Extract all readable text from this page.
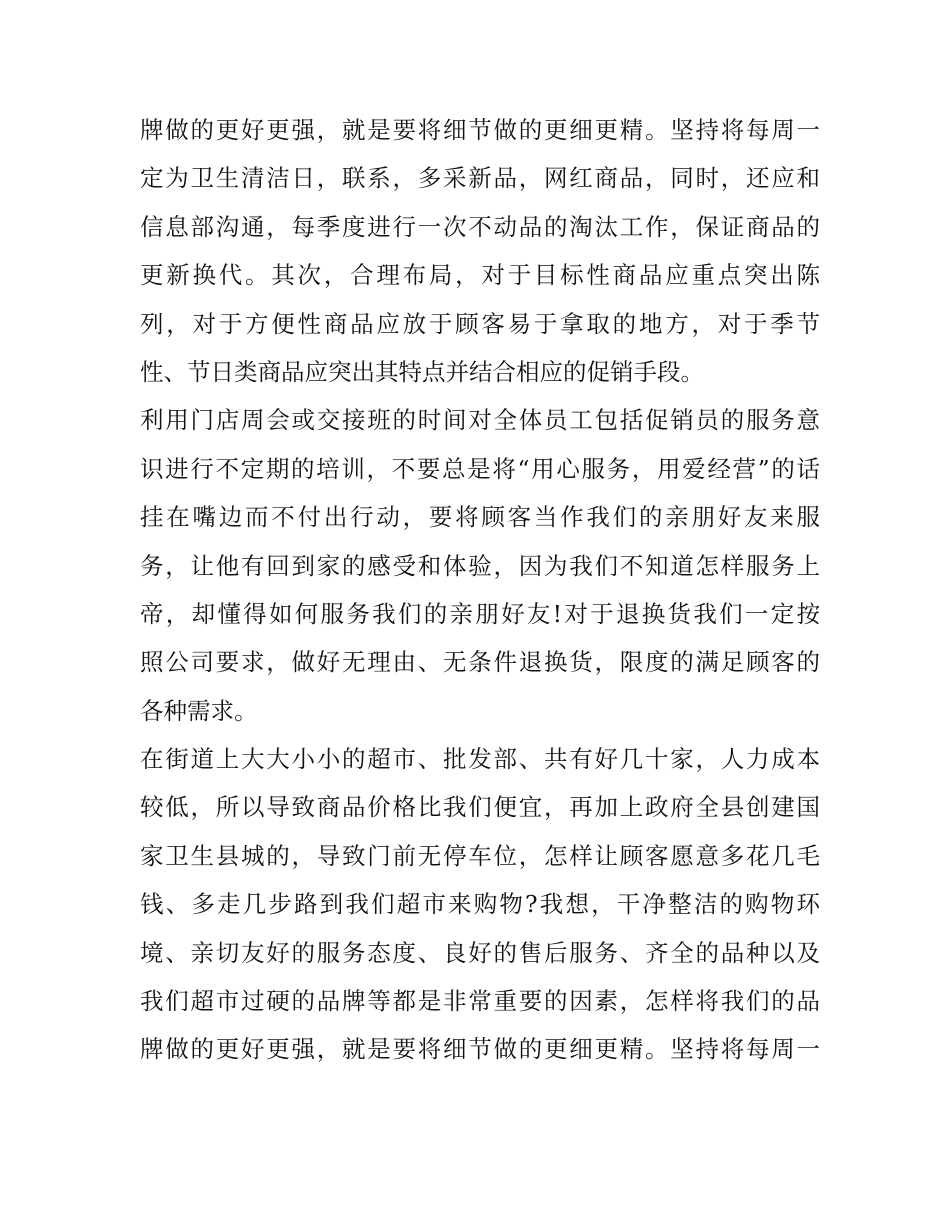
牌做的更好更强，就是要将细节做的更细更精。坚持将每周一
定为卫生清洁日，联系，多采新品，网红商品，同时，还应和
信息部沟通，每季度进行一次不动品的淘汰工作，保证商品的
更新换代。其次，合理布局，对于目标性商品应重点突出陈
列，对于方便性商品应放于顾客易于拿取的地方，对于季节
性、节日类商品应突出其特点并结合相应的促销手段。
利用门店周会或交接班的时间对全体员工包括促销员的服务意
识进行不定期的培训，不要总是将“用心服务，用爱经营”的话
挂在嘴边而不付出行动，要将顾客当作我们的亲朋好友来服
务，让他有回到家的感受和体验，因为我们不知道怎样服务上
帝，却懂得如何服务我们的亲朋好友!对于退换货我们一定按
照公司要求，做好无理由、无条件退换货，限度的满足顾客的
各种需求。
在街道上大大小小的超市、批发部、共有好几十家，人力成本
较低，所以导致商品价格比我们便宜，再加上政府全县创建国
家卫生县城的，导致门前无停车位，怎样让顾客愿意多花几毛
钱、多走几步路到我们超市来购物?我想，干净整洁的购物环
境、亲切友好的服务态度、良好的售后服务、齐全的品种以及
我们超市过硬的品牌等都是非常重要的因素，怎样将我们的品
牌做的更好更强，就是要将细节做的更细更精。坚持将每周一
